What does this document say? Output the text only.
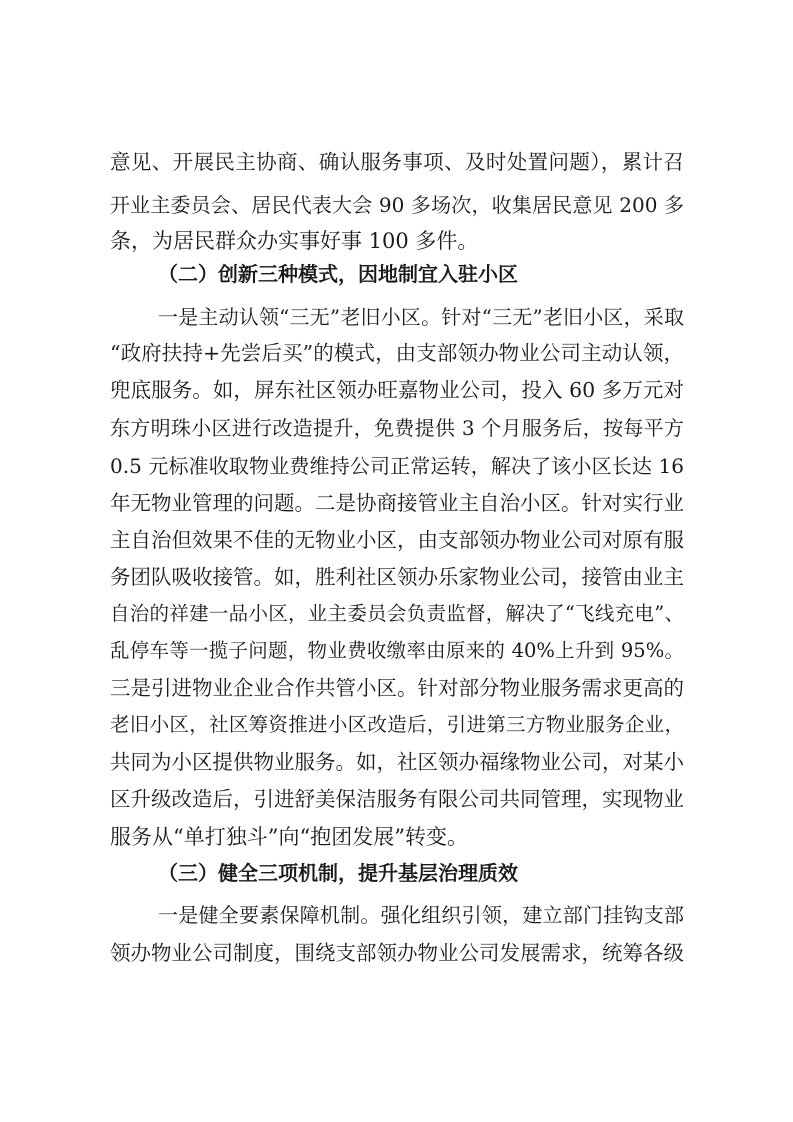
意见、开展民主协商、确认服务事项、及时处置问题），累计召
开业主委员会、居民代表大会 90 多场次，收集居民意见 200 多
条，为居民群众办实事好事 100 多件。
（二）创新三种模式，因地制宜入驻小区
一是主动认领“三无”老旧小区。针对“三无”老旧小区，采取
“政府扶持+先尝后买”的模式，由支部领办物业公司主动认领，
兜底服务。如，屏东社区领办旺嘉物业公司，投入 60 多万元对
东方明珠小区进行改造提升，免费提供 3 个月服务后，按每平方
0.5 元标准收取物业费维持公司正常运转，解决了该小区长达 16
年无物业管理的问题。二是协商接管业主自治小区。针对实行业
主自治但效果不佳的无物业小区，由支部领办物业公司对原有服
务团队吸收接管。如，胜利社区领办乐家物业公司，接管由业主
自治的祥建一品小区，业主委员会负责监督，解决了“飞线充电”、
乱停车等一揽子问题，物业费收缴率由原来的 40%上升到 95%。
三是引进物业企业合作共管小区。针对部分物业服务需求更高的
老旧小区，社区筹资推进小区改造后，引进第三方物业服务企业，
共同为小区提供物业服务。如，社区领办福缘物业公司，对某小
区升级改造后，引进舒美保洁服务有限公司共同管理，实现物业
服务从“单打独斗”向“抱团发展”转变。
（三）健全三项机制，提升基层治理质效
一是健全要素保障机制。强化组织引领，建立部门挂钩支部
领办物业公司制度，围绕支部领办物业公司发展需求，统筹各级
